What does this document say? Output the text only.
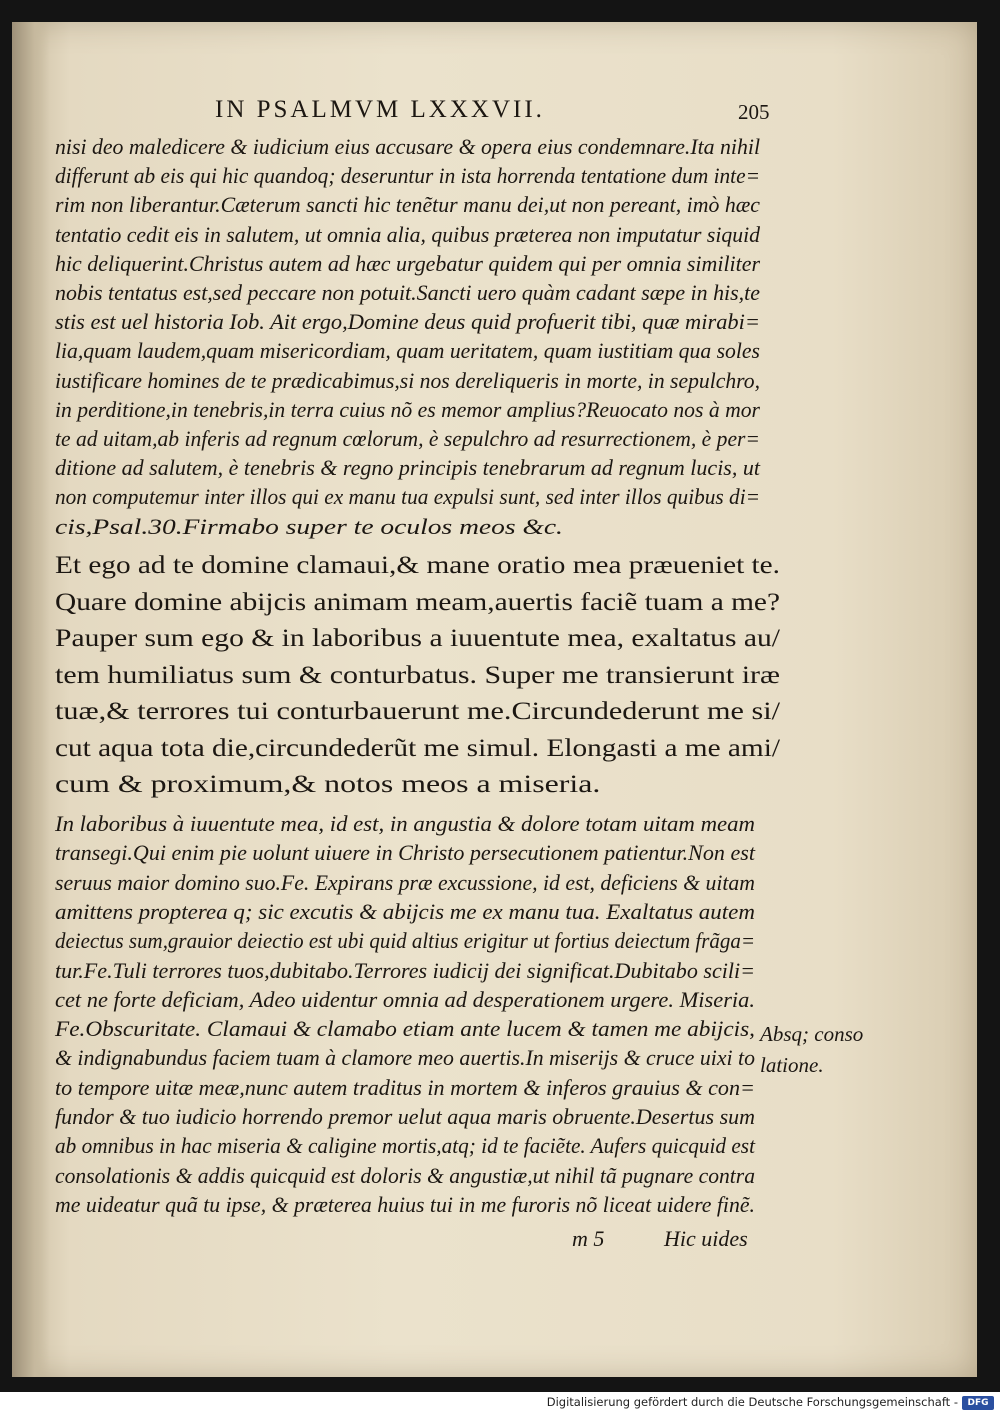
IN PSALMVM LXXXVII.	205
nisi deo maledicere & iudicium eius accusare & opera eius condemnare.Ita nihil
differunt ab eis qui hic quandoq; deseruntur in ista horrenda tentatione dum inte=
rim non liberantur.Cæterum sancti hic tenẽtur manu dei,ut non pereant, imò hæc
tentatio cedit eis in salutem, ut omnia alia, quibus præterea non imputatur siquid
hic deliquerint.Christus autem ad hæc urgebatur quidem qui per omnia similiter
nobis tentatus est,sed peccare non potuit.Sancti uero quàm cadant sæpe in his,te
stis est uel historia Iob. Ait ergo,Domine deus quid profuerit tibi, quæ mirabi=
lia,quam laudem,quam misericordiam, quam ueritatem, quam iustitiam qua soles
iustificare homines de te prædicabimus,si nos dereliqueris in morte, in sepulchro,
in perditione,in tenebris,in terra cuius nõ es memor amplius?Reuocato nos à mor
te ad uitam,ab inferis ad regnum cœlorum, è sepulchro ad resurrectionem, è per=
ditione ad salutem, è tenebris & regno principis tenebrarum ad regnum lucis, ut
non computemur inter illos qui ex manu tua expulsi sunt, sed inter illos quibus di=
cis,Psal.30.Firmabo super te oculos meos &c.
Et ego ad te domine clamaui,& mane oratio mea præueniet te.
Quare domine abijcis animam meam,auertis faciẽ tuam a me?
Pauper sum ego & in laboribus a iuuentute mea, exaltatus au/
tem humiliatus sum & conturbatus. Super me transierunt iræ
tuæ,& terrores tui conturbauerunt me.Circundederunt me si/
cut aqua tota die,circundederũt me simul. Elongasti a me ami/
cum & proximum,& notos meos a miseria.
In laboribus à iuuentute mea, id est, in angustia & dolore totam uitam meam
transegi.Qui enim pie uolunt uiuere in Christo persecutionem patientur.Non est
seruus maior domino suo.Fe. Expirans præ excussione, id est, deficiens & uitam
amittens propterea q; sic excutis & abijcis me ex manu tua. Exaltatus autem
deiectus sum,grauior deiectio est ubi quid altius erigitur ut fortius deiectum frãga=
tur.Fe.Tuli terrores tuos,dubitabo.Terrores iudicij dei significat.Dubitabo scili=
cet ne forte deficiam, Adeo uidentur omnia ad desperationem urgere. Miseria.
Fe.Obscuritate. Clamaui & clamabo etiam ante lucem & tamen me abijcis,
& indignabundus faciem tuam à clamore meo auertis.In miserijs & cruce uixi to
to tempore uitæ meæ,nunc autem traditus in mortem & inferos grauius & con=
fundor & tuo iudicio horrendo premor uelut aqua maris obruente.Desertus sum
ab omnibus in hac miseria & caligine mortis,atq; id te faciẽte. Aufers quicquid est
consolationis & addis quicquid est doloris & angustiæ,ut nihil tã pugnare contra
me uideatur quã tu ipse, & præterea huius tui in me furoris nõ liceat uidere finẽ.
Absq; conso
latione.
m 5	Hic uides
Digitalisierung gefördert durch die Deutsche Forschungsgemeinschaft -	DFG
